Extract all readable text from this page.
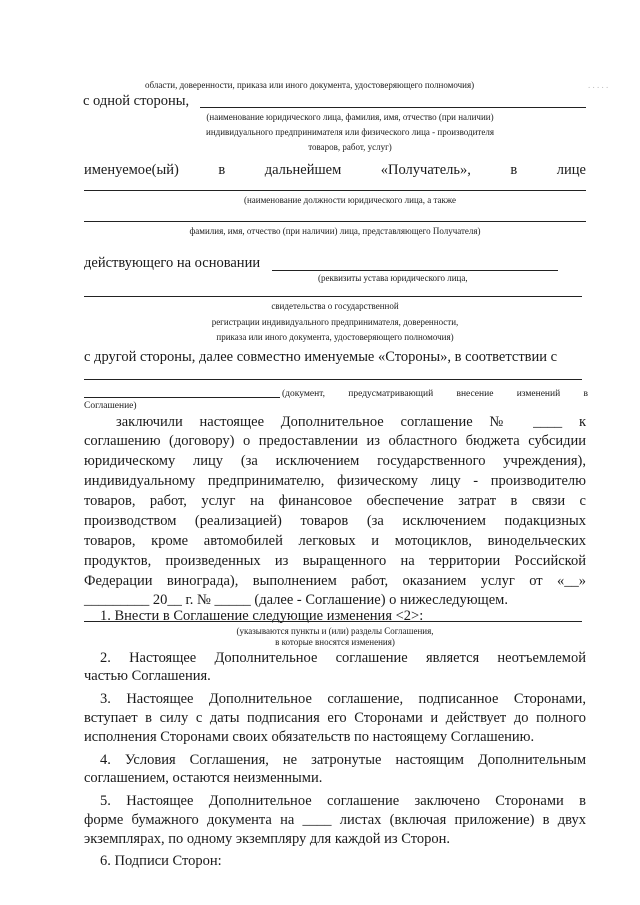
. . . . .
области, доверенности, приказа или иного документа, удостоверяющего полномочия)
с одной стороны,
(наименование юридического лица, фамилия, имя, отчество (при наличии)
индивидуального предпринимателя или физического лица - производителя
товаров, работ, услуг)
именуемое(ый)	в	дальнейшем	«Получатель»,	в	лице
(наименование должности юридического лица, а также
фамилия, имя, отчество (при наличии) лица, представляющего Получателя)
действующего на основании
(реквизиты устава юридического лица,
свидетельства о государственной
регистрации индивидуального предпринимателя, доверенности,
приказа или иного документа, удостоверяющего полномочия)
с другой стороны, далее совместно именуемые «Стороны», в соответствии с
(документ, предусматривающий внесение изменений в
Соглашение)
заключили настоящее Дополнительное соглашение № ____ к
соглашению (договору) о предоставлении из областного бюджета субсидии
юридическому лицу (за исключением государственного учреждения),
индивидуальному предпринимателю, физическому лицу - производителю
товаров, работ, услуг на финансовое обеспечение затрат в связи с
производством (реализацией) товаров (за исключением подакцизных
товаров, кроме автомобилей легковых и мотоциклов, винодельческих
продуктов, произведенных из выращенного на территории Российской
Федерации винограда), выполнением работ, оказанием услуг от «__»
_________ 20__ г. № _____ (далее - Соглашение) о нижеследующем.
1. Внести в Соглашение следующие изменения <2>:
(указываются пункты и (или) разделы Соглашения,
в которые вносятся изменения)
2. Настоящее Дополнительное соглашение является неотъемлемой
частью Соглашения.
3. Настоящее Дополнительное соглашение, подписанное Сторонами,
вступает в силу с даты подписания его Сторонами и действует до полного
исполнения Сторонами своих обязательств по настоящему Соглашению.
4. Условия Соглашения, не затронутые настоящим Дополнительным
соглашением, остаются неизменными.
5. Настоящее Дополнительное соглашение заключено Сторонами в
форме бумажного документа на ____ листах (включая приложение) в двух
экземплярах, по одному экземпляру для каждой из Сторон.
6. Подписи Сторон:
